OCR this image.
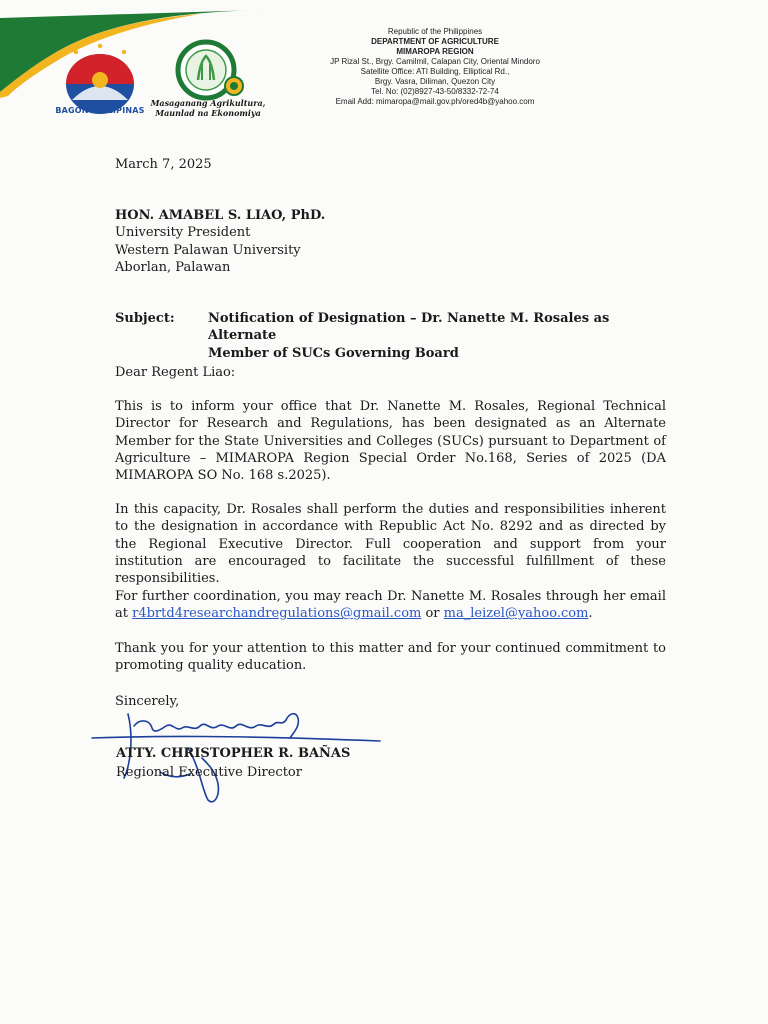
BAGONG PILIPINAS
Masaganang Agrikultura,
Maunlad na Ekonomiya
Republic of the Philippines
DEPARTMENT OF AGRICULTURE
MIMAROPA REGION
JP Rizal St., Brgy. Camilmil, Calapan City, Oriental Mindoro
Satellite Office: ATI Building, Elliptical Rd.,
Brgy. Vasra, Diliman, Quezon City
Tel. No: (02)8927-43-50/8332-72-74
Email Add: mimaropa@mail.gov.ph/ored4b@yahoo.com
March 7, 2025
HON. AMABEL S. LIAO, PhD.
University President
Western Palawan University
Aborlan, Palawan
Subject:	Notification of Designation – Dr. Nanette M. Rosales as Alternate
Member of SUCs Governing Board
Dear Regent Liao:
This is to inform your office that Dr. Nanette M. Rosales, Regional Technical Director for Research and Regulations, has been designated as an Alternate Member for the State Universities and Colleges (SUCs) pursuant to Department of Agriculture – MIMAROPA Region Special Order No.168, Series of 2025 (DA MIMAROPA SO No. 168 s.2025).
In this capacity, Dr. Rosales shall perform the duties and responsibilities inherent to the designation in accordance with Republic Act No. 8292 and as directed by the Regional Executive Director. Full cooperation and support from your institution are encouraged to facilitate the successful fulfillment of these responsibilities.
For further coordination, you may reach Dr. Nanette M. Rosales through her email at r4brtd4researchandregulations@gmail.com or ma_leizel@yahoo.com.
Thank you for your attention to this matter and for your continued commitment to promoting quality education.
Sincerely,
ATTY. CHRISTOPHER R. BAÑAS
Regional Executive Director
